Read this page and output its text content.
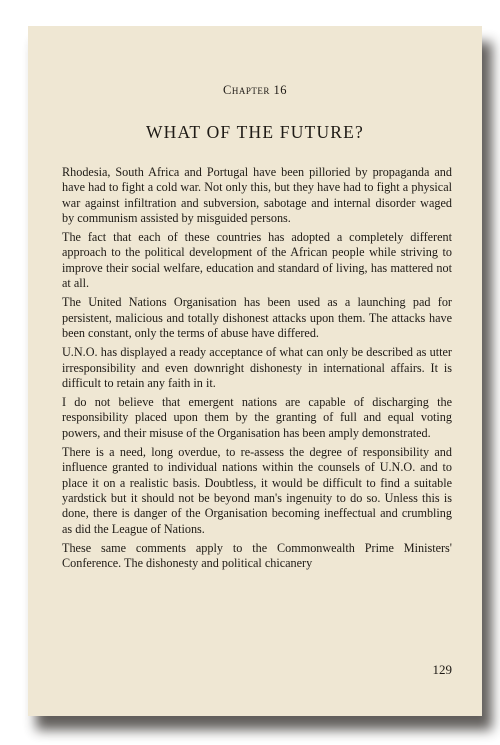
Chapter 16
WHAT OF THE FUTURE?

Rhodesia, South Africa and Portugal have been pilloried by propaganda and have had to fight a cold war. Not only this, but they have had to fight a physical war against infiltration and subversion, sabotage and internal disorder waged by communism assisted by misguided persons.

The fact that each of these countries has adopted a completely different approach to the political development of the African people while striving to improve their social welfare, education and standard of living, has mattered not at all.

The United Nations Organisation has been used as a launching pad for persistent, malicious and totally dishonest attacks upon them. The attacks have been constant, only the terms of abuse have differed.

U.N.O. has displayed a ready acceptance of what can only be described as utter irresponsibility and even downright dishonesty in international affairs. It is difficult to retain any faith in it.

I do not believe that emergent nations are capable of discharging the responsibility placed upon them by the granting of full and equal voting powers, and their misuse of the Organisation has been amply demonstrated.

There is a need, long overdue, to re-assess the degree of responsibility and influence granted to individual nations within the counsels of U.N.O. and to place it on a realistic basis. Doubtless, it would be difficult to find a suitable yardstick but it should not be beyond man's ingenuity to do so. Unless this is done, there is danger of the Organisation becoming ineffectual and crumbling as did the League of Nations.

These same comments apply to the Commonwealth Prime Ministers' Conference. The dishonesty and political chicanery

129
